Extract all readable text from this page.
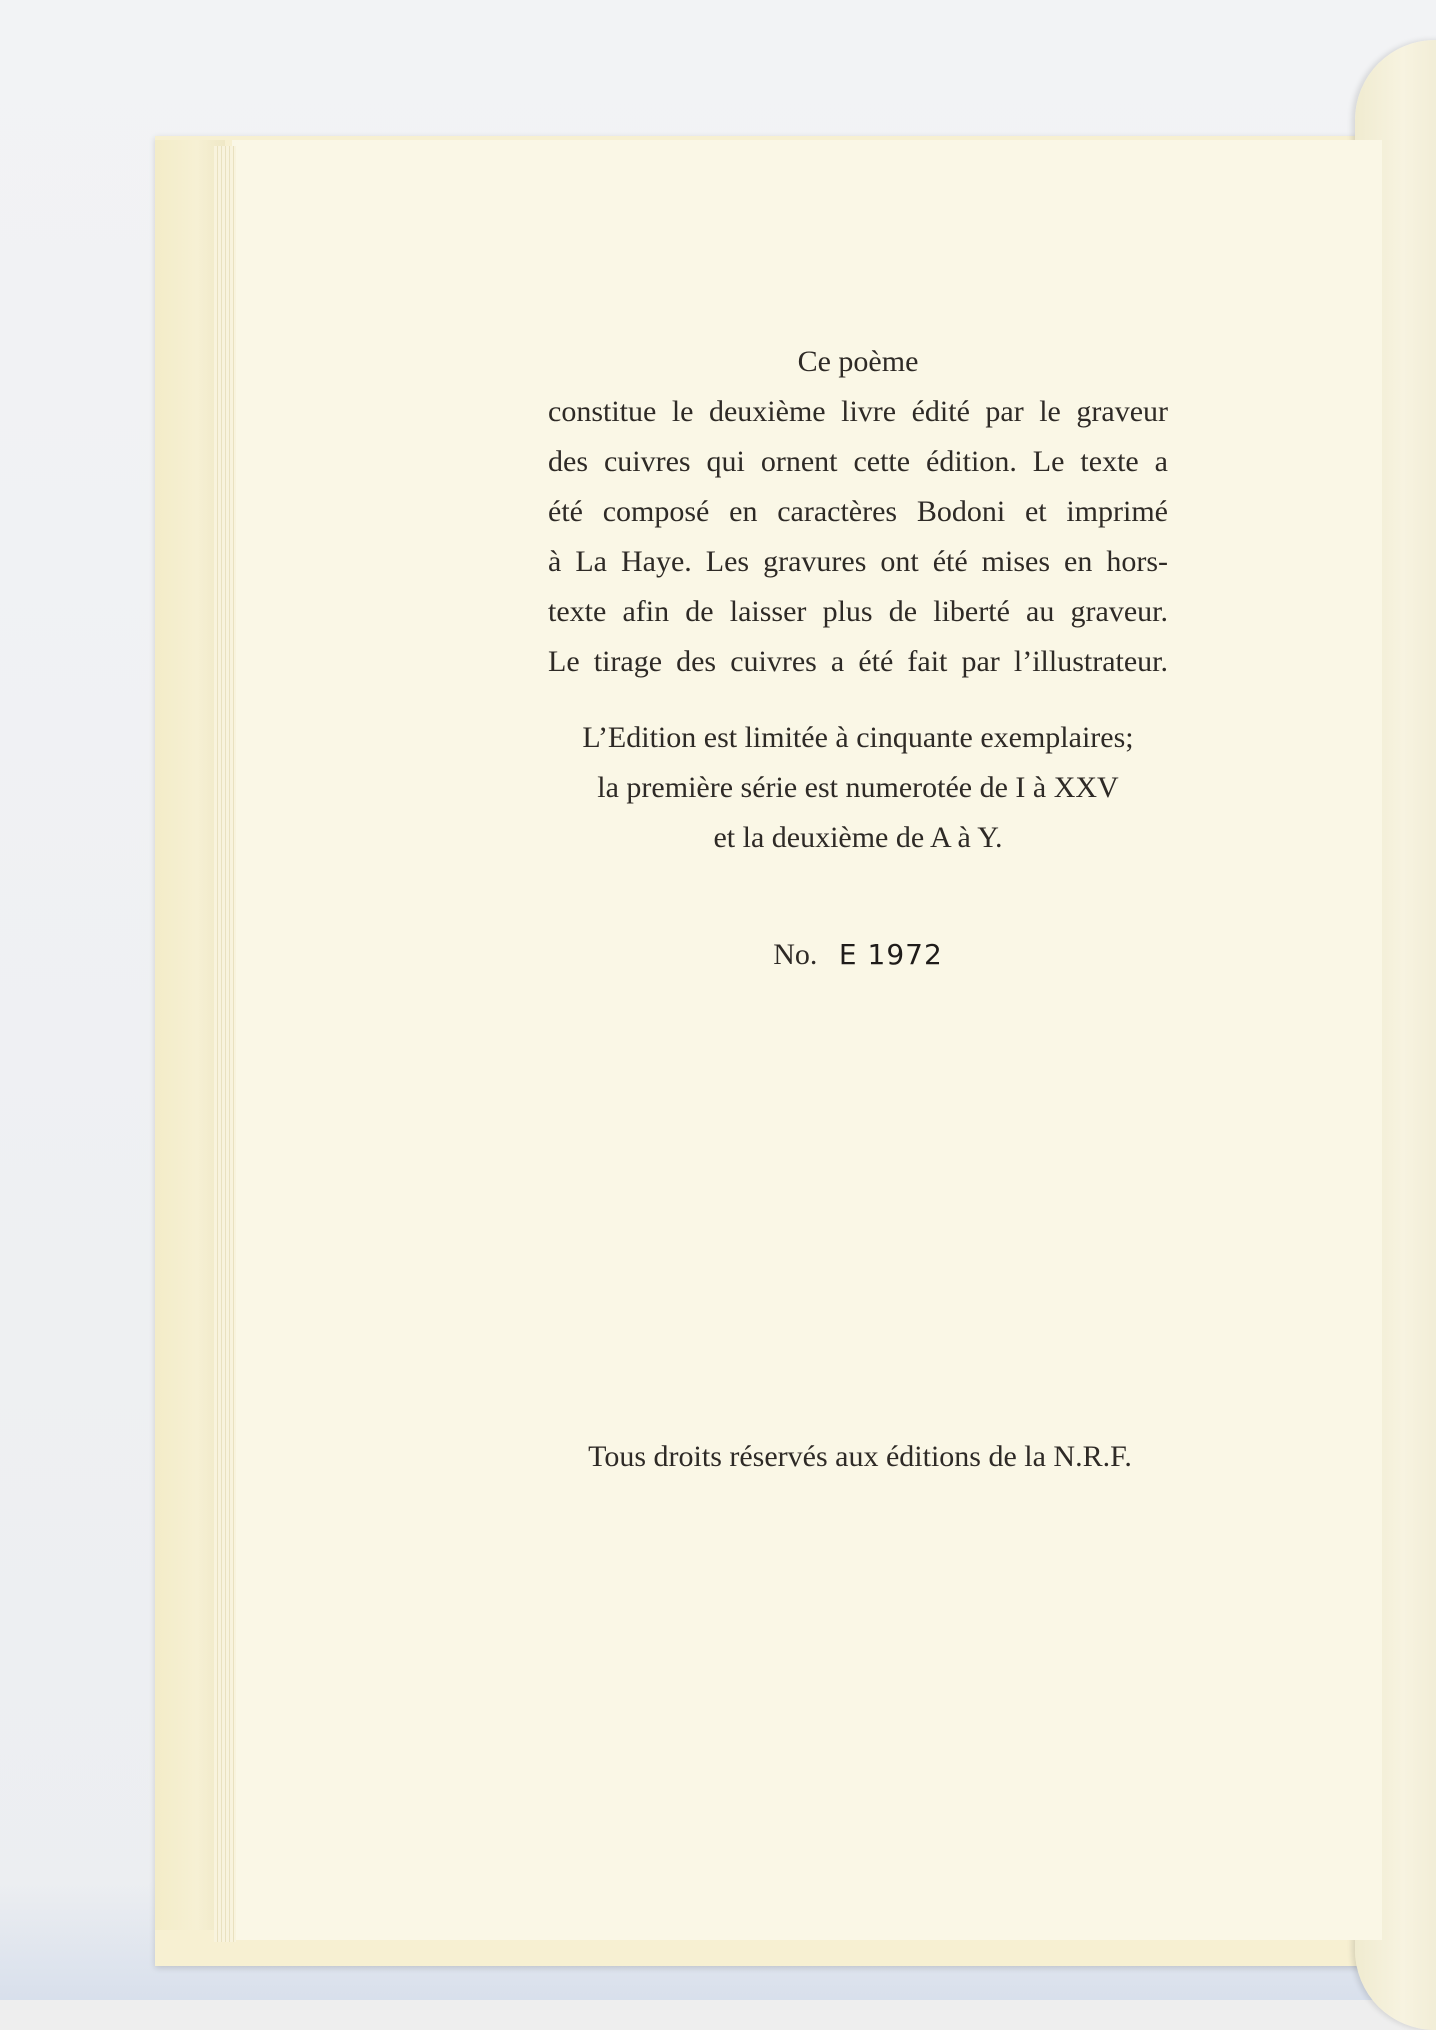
Ce poème
constitue le deuxième livre édité par le graveur
des cuivres qui ornent cette édition. Le texte a
été composé en caractères Bodoni et imprimé
à La Haye. Les gravures ont été mises en hors-
texte afin de laisser plus de liberté au graveur.
Le tirage des cuivres a été fait par l’illustrateur.
L’Edition est limitée à cinquante exemplaires;
la première série est numerotée de I à XXV
et la deuxième de A à Y.
No. E 1972
Tous droits réservés aux éditions de la N.R.F.
